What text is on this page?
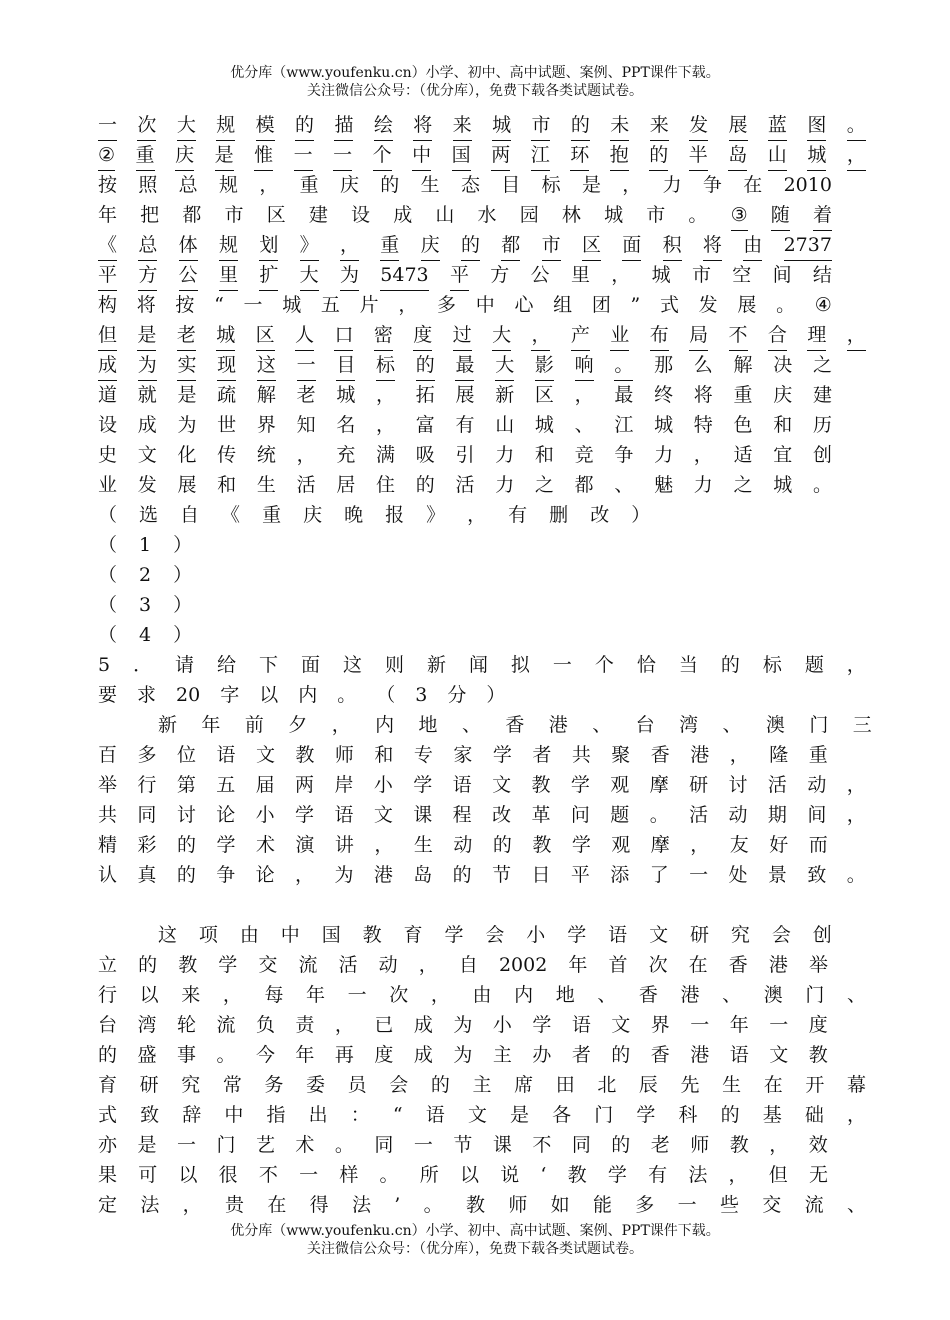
优分库（www.youfenku.cn）小学、初中、高中试题、案例、PPT课件下载。
关注微信公众号：（优分库），免费下载各类试题试卷。
一 次 大 规 模 的 描 绘 将 来 城 市 的 未 来 发 展 蓝 图 。
② 重 庆 是 惟 一 一 个 中 国 两 江 环 抱 的 半 岛 山 城 ，
按 照 总 规 ， 重 庆 的 生 态 目 标 是 ， 力 争 在 2010
年 把 都 市 区 建 设 成 山 水 园 林 城 市 。 ③ 随 着
《 总 体 规 划 》 ， 重 庆 的 都 市 区 面 积 将 由 2737
平 方 公 里 扩 大 为 5473 平 方 公 里 ， 城 市 空 间 结
构 将 按 “ 一 城 五 片 ， 多 中 心 组 团 ” 式 发 展 。 ④
但 是 老 城 区 人 口 密 度 过 大 ， 产 业 布 局 不 合 理 ，
成 为 实 现 这 一 目 标 的 最 大 影 响 。 那 么 解 决 之
道 就 是 疏 解 老 城 ， 拓 展 新 区 ， 最 终 将 重 庆 建
设 成 为 世 界 知 名 ， 富 有 山 城 、 江 城 特 色 和 历
史 文 化 传 统 ， 充 满 吸 引 力 和 竞 争 力 ， 适 宜 创
业 发 展 和 生 活 居 住 的 活 力 之 都 、 魅 力 之 城 。
（ 选 自 《 重 庆 晚 报 》 ， 有 删 改 ）
（ 1 ）
（ 2 ）
（ 3 ）
（ 4 ）
5 ． 请 给 下 面 这 则 新 闻 拟 一 个 恰 当 的 标 题 ，
要 求 20 字 以 内 。 （ 3 分 ）
新 年 前 夕 ， 内 地 、 香 港 、 台 湾 、 澳 门 三
百 多 位 语 文 教 师 和 专 家 学 者 共 聚 香 港 ， 隆 重
举 行 第 五 届 两 岸 小 学 语 文 教 学 观 摩 研 讨 活 动 ，
共 同 讨 论 小 学 语 文 课 程 改 革 问 题 。 活 动 期 间 ，
精 彩 的 学 术 演 讲 ， 生 动 的 教 学 观 摩 ， 友 好 而
认 真 的 争 论 ， 为 港 岛 的 节 日 平 添 了 一 处 景 致 。
这 项 由 中 国 教 育 学 会 小 学 语 文 研 究 会 创
立 的 教 学 交 流 活 动 ， 自 2002 年 首 次 在 香 港 举
行 以 来 ， 每 年 一 次 ， 由 内 地 、 香 港 、 澳 门 、
台 湾 轮 流 负 责 ， 已 成 为 小 学 语 文 界 一 年 一 度
的 盛 事 。 今 年 再 度 成 为 主 办 者 的 香 港 语 文 教
育 研 究 常 务 委 员 会 的 主 席 田 北 辰 先 生 在 开 幕
式 致 辞 中 指 出 ： “ 语 文 是 各 门 学 科 的 基 础 ，
亦 是 一 门 艺 术 。 同 一 节 课 不 同 的 老 师 教 ， 效
果 可 以 很 不 一 样 。 所 以 说 ‘ 教 学 有 法 ， 但 无
定 法 ， 贵 在 得 法 ’ 。 教 师 如 能 多 一 些 交 流 、
优分库（www.youfenku.cn）小学、初中、高中试题、案例、PPT课件下载。
关注微信公众号：（优分库），免费下载各类试题试卷。
